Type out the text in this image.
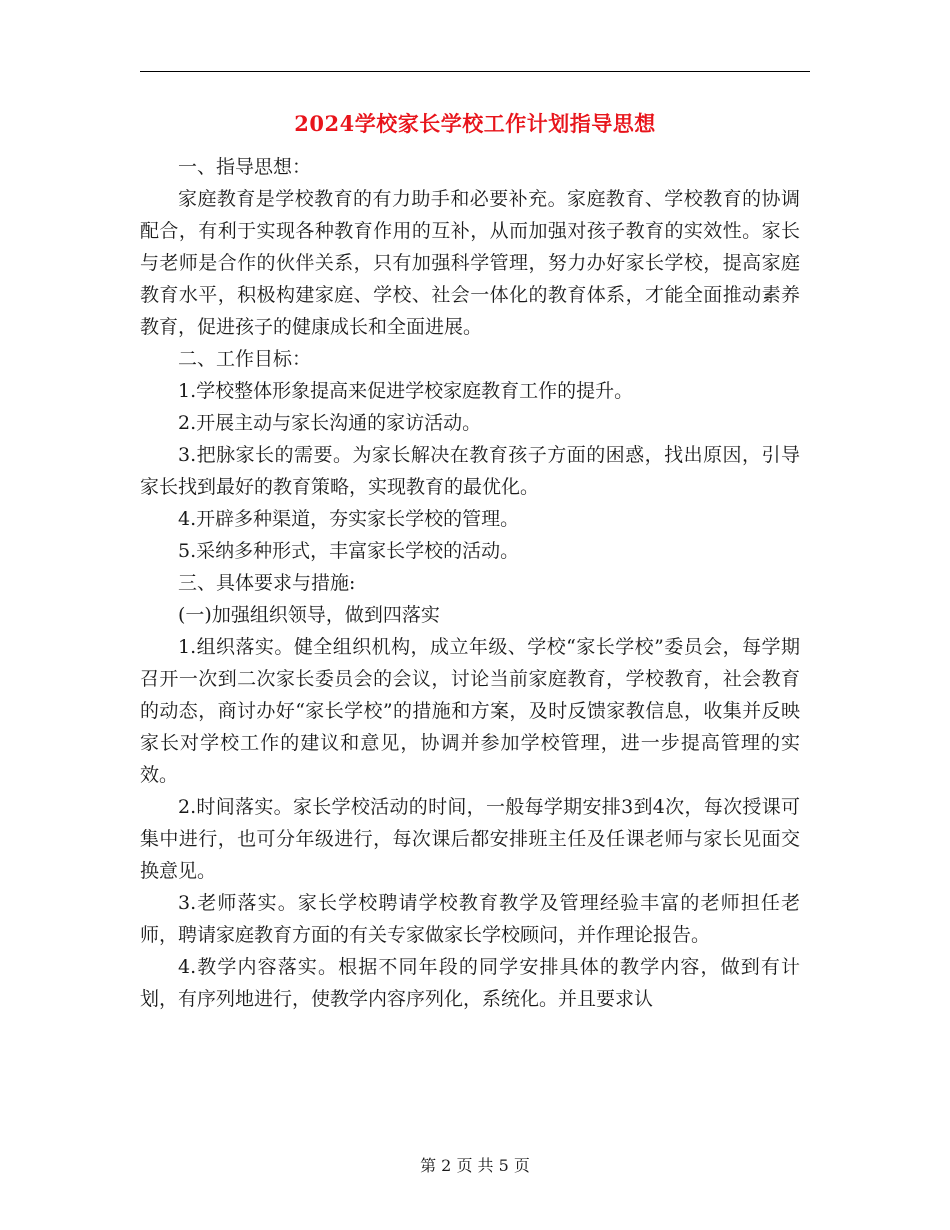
2024学校家长学校工作计划指导思想

一、指导思想：

家庭教育是学校教育的有力助手和必要补充。家庭教育、学校教育的协调配合，有利于实现各种教育作用的互补，从而加强对孩子教育的实效性。家长与老师是合作的伙伴关系，只有加强科学管理，努力办好家长学校，提高家庭教育水平，积极构建家庭、学校、社会一体化的教育体系，才能全面推动素养教育，促进孩子的健康成长和全面进展。

二、工作目标：

1.学校整体形象提高来促进学校家庭教育工作的提升。

2.开展主动与家长沟通的家访活动。

3.把脉家长的需要。为家长解决在教育孩子方面的困惑，找出原因，引导家长找到最好的教育策略，实现教育的最优化。

4.开辟多种渠道，夯实家长学校的管理。

5.采纳多种形式，丰富家长学校的活动。

三、具体要求与措施:

(一)加强组织领导，做到四落实

1.组织落实。健全组织机构，成立年级、学校“家长学校”委员会，每学期召开一次到二次家长委员会的会议，讨论当前家庭教育，学校教育，社会教育的动态，商讨办好“家长学校”的措施和方案，及时反馈家教信息，收集并反映家长对学校工作的建议和意见，协调并参加学校管理，进一步提高管理的实效。

2.时间落实。家长学校活动的时间，一般每学期安排3到4次，每次授课可集中进行，也可分年级进行，每次课后都安排班主任及任课老师与家长见面交换意见。

3.老师落实。家长学校聘请学校教育教学及管理经验丰富的老师担任老师，聘请家庭教育方面的有关专家做家长学校顾问，并作理论报告。

4.教学内容落实。根据不同年段的同学安排具体的教学内容，做到有计划，有序列地进行，使教学内容序列化，系统化。并且要求认

第 2 页 共 5 页
